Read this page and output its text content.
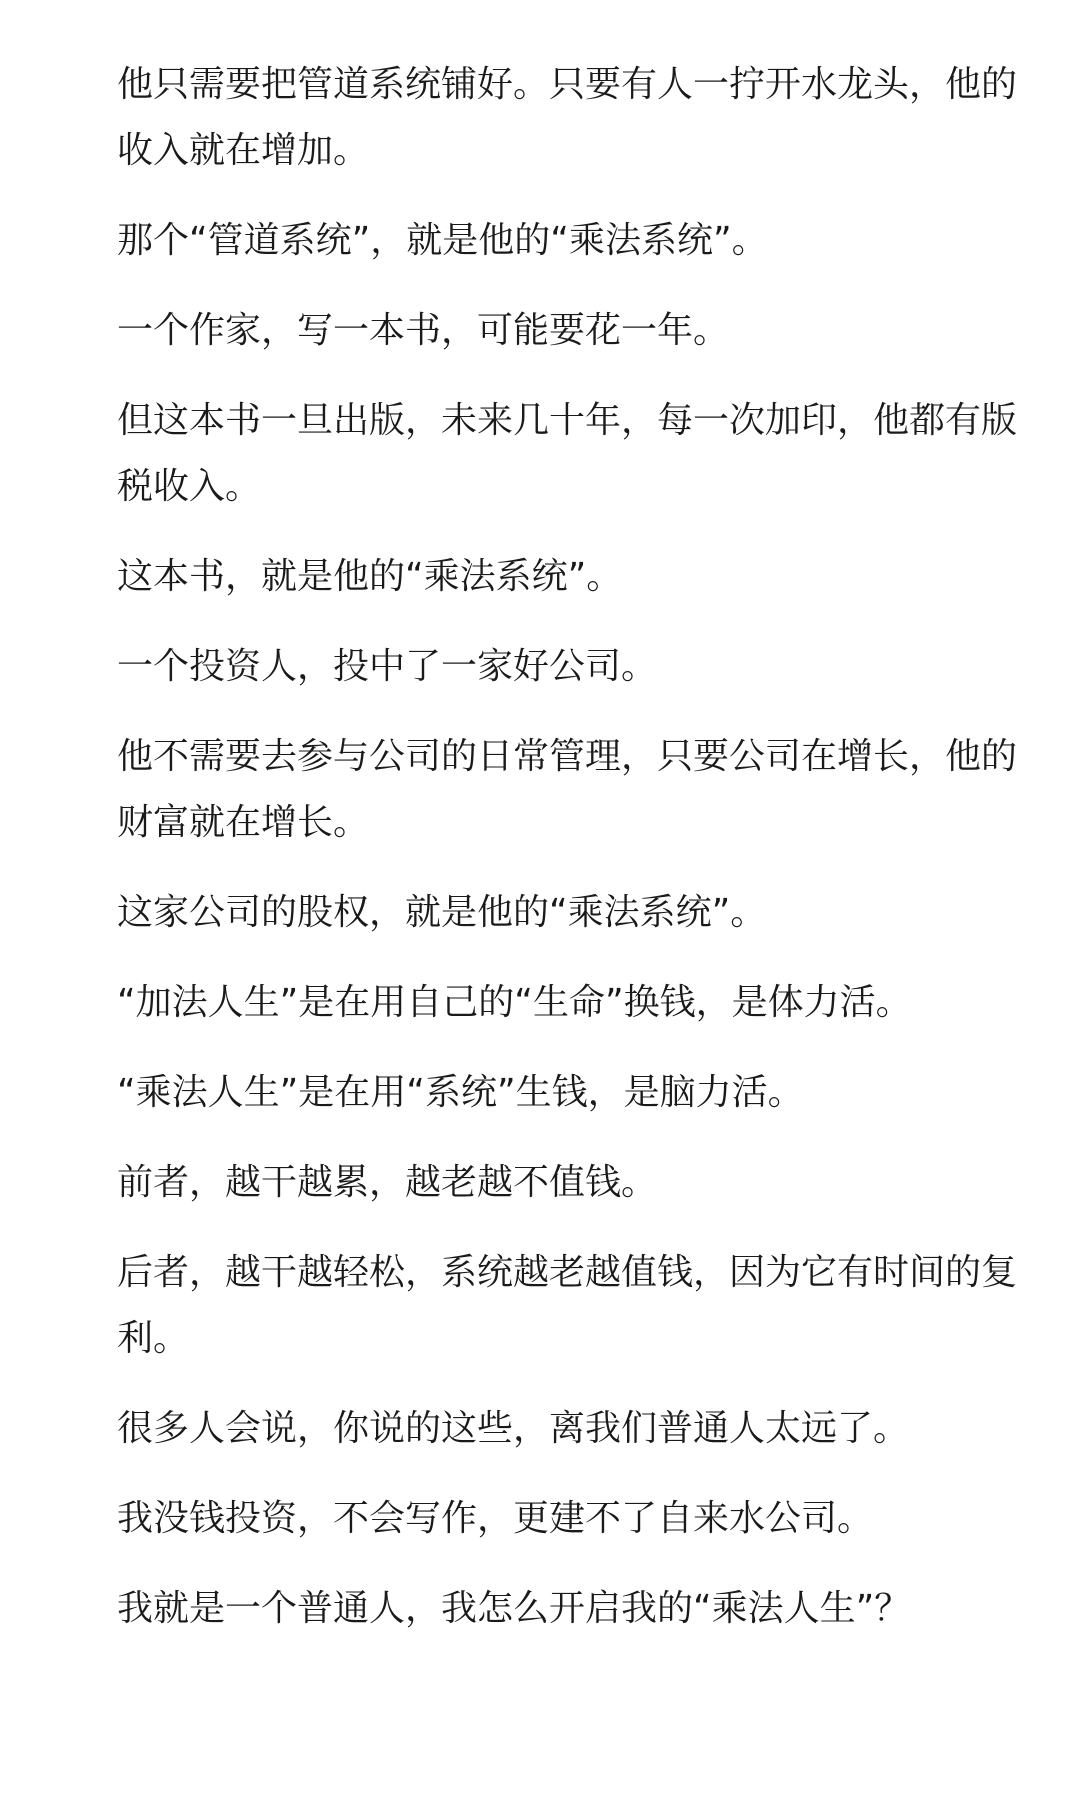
他只需要把管道系统铺好。只要有人一拧开水龙头，他的收入就在增加。

那个“管道系统”，就是他的“乘法系统”。

一个作家，写一本书，可能要花一年。

但这本书一旦出版，未来几十年，每一次加印，他都有版税收入。

这本书，就是他的“乘法系统”。

一个投资人，投中了一家好公司。

他不需要去参与公司的日常管理，只要公司在增长，他的财富就在增长。

这家公司的股权，就是他的“乘法系统”。

“加法人生”是在用自己的“生命”换钱，是体力活。

“乘法人生”是在用“系统”生钱，是脑力活。

前者，越干越累，越老越不值钱。

后者，越干越轻松，系统越老越值钱，因为它有时间的复利。

很多人会说，你说的这些，离我们普通人太远了。

我没钱投资，不会写作，更建不了自来水公司。

我就是一个普通人，我怎么开启我的“乘法人生”？
